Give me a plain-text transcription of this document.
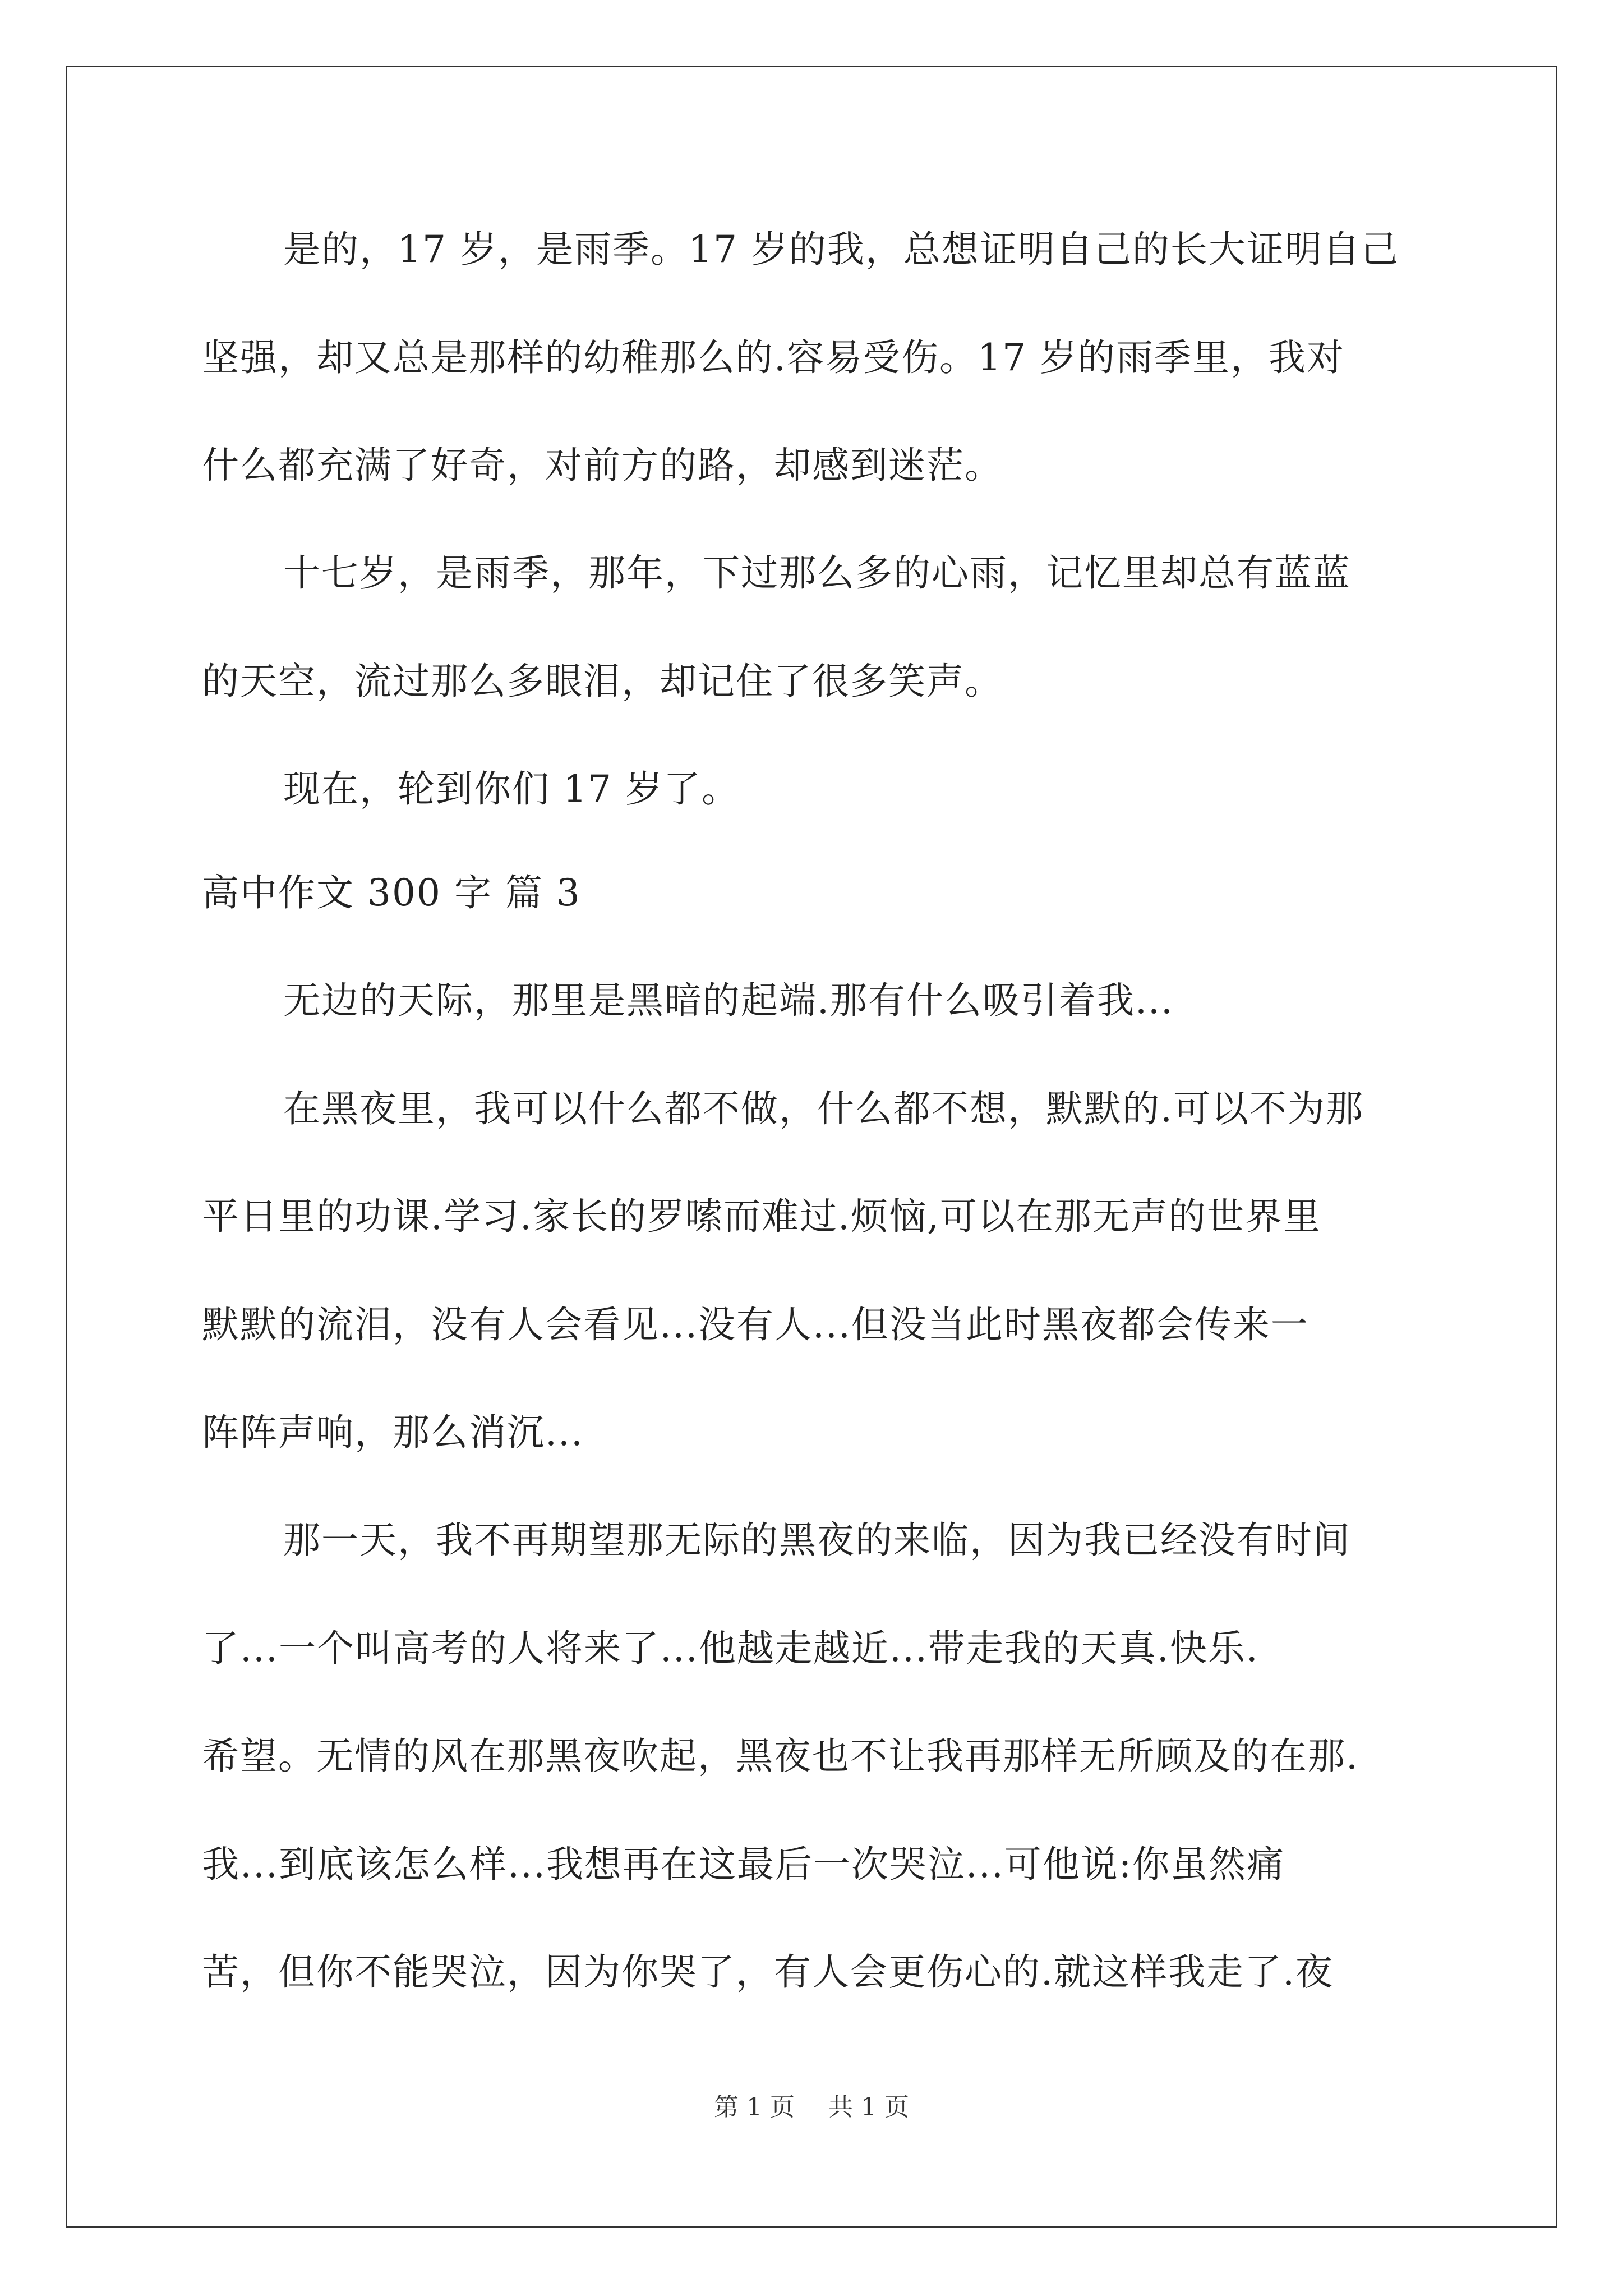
是的，17 岁，是雨季。17 岁的我，总想证明自己的长大证明自己
坚强，却又总是那样的幼稚那么的.容易受伤。17 岁的雨季里，我对
什么都充满了好奇，对前方的路，却感到迷茫。
十七岁，是雨季，那年，下过那么多的心雨，记忆里却总有蓝蓝
的天空，流过那么多眼泪，却记住了很多笑声。
现在，轮到你们 17 岁了。
高中作文 300 字 篇 3
无边的天际，那里是黑暗的起端.那有什么吸引着我...
在黑夜里，我可以什么都不做，什么都不想，默默的.可以不为那
平日里的功课.学习.家长的罗嗦而难过.烦恼,可以在那无声的世界里
默默的流泪，没有人会看见...没有人...但没当此时黑夜都会传来一
阵阵声响，那么消沉...
那一天，我不再期望那无际的黑夜的来临，因为我已经没有时间
了...一个叫高考的人将来了...他越走越近...带走我的天真.快乐.
希望。无情的风在那黑夜吹起，黑夜也不让我再那样无所顾及的在那.
我...到底该怎么样...我想再在这最后一次哭泣...可他说:你虽然痛
苦，但你不能哭泣，因为你哭了，有人会更伤心的.就这样我走了.夜
第 1 页 共 1 页
